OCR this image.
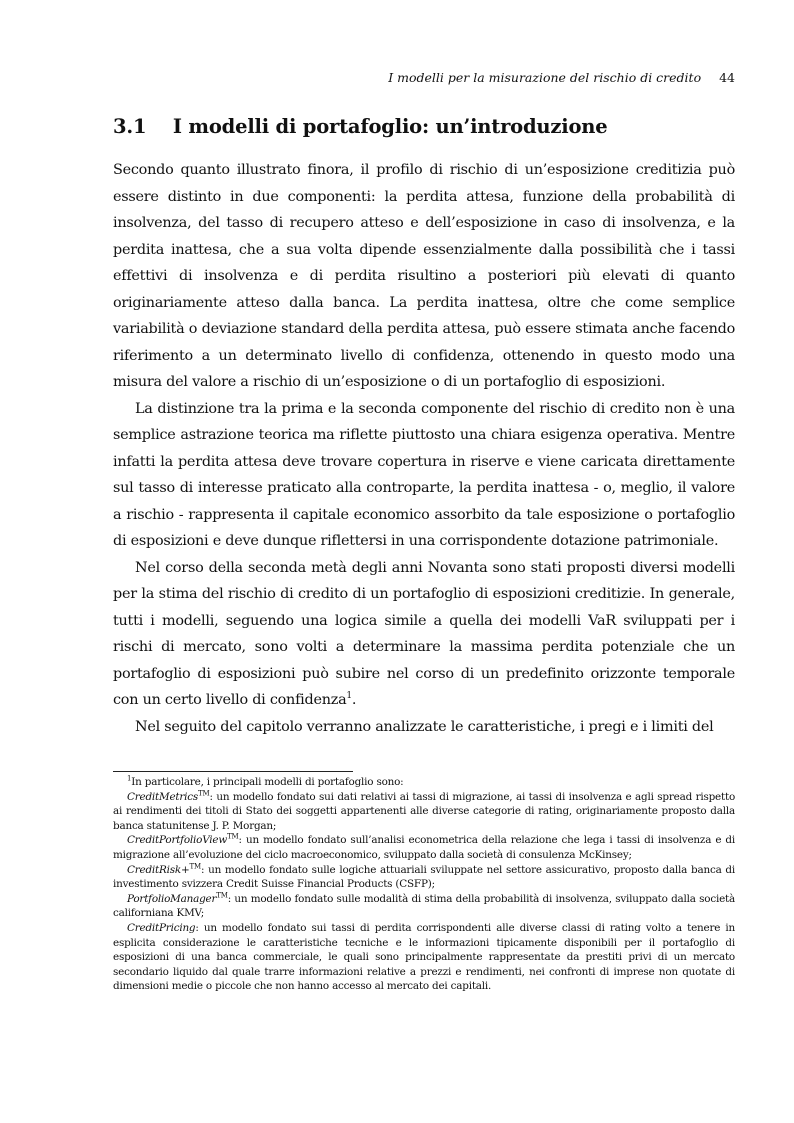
I modelli per la misurazione del rischio di credito 44
3.1 I modelli di portafoglio: un’introduzione

Secondo quanto illustrato finora, il profilo di rischio di un’esposizione creditizia può essere distinto in due componenti: la perdita attesa, funzione della probabilità di insolvenza, del tasso di recupero atteso e dell’esposizione in caso di insolvenza, e la perdita inattesa, che a sua volta dipende essenzialmente dalla possibilità che i tassi effettivi di insolvenza e di perdita risultino a posteriori più elevati di quanto originariamente atteso dalla banca. La perdita inattesa, oltre che come semplice variabilità o deviazione standard della perdita attesa, può essere stimata anche facendo riferimento a un determinato livello di confidenza, ottenendo in questo modo una misura del valore a rischio di un’esposizione o di un portafoglio di esposizioni.

La distinzione tra la prima e la seconda componente del rischio di credito non è una semplice astrazione teorica ma riflette piuttosto una chiara esigenza operativa. Mentre infatti la perdita attesa deve trovare copertura in riserve e viene caricata direttamente sul tasso di interesse praticato alla controparte, la perdita inattesa - o, meglio, il valore a rischio - rappresenta il capitale economico assorbito da tale esposizione o portafoglio di esposizioni e deve dunque riflettersi in una corrispondente dotazione patrimoniale.

Nel corso della seconda metà degli anni Novanta sono stati proposti diversi modelli per la stima del rischio di credito di un portafoglio di esposizioni creditizie. In generale, tutti i modelli, seguendo una logica simile a quella dei modelli VaR sviluppati per i rischi di mercato, sono volti a determinare la massima perdita potenziale che un portafoglio di esposizioni può subire nel corso di un predefinito orizzonte temporale con un certo livello di confidenza$^1$.

Nel seguito del capitolo verranno analizzate le caratteristiche, i pregi e i limiti del

$^1$In particolare, i principali modelli di portafoglio sono:

CreditMetrics™: un modello fondato sui dati relativi ai tassi di migrazione, ai tassi di insolvenza e agli spread rispetto ai rendimenti dei titoli di Stato dei soggetti appartenenti alle diverse categorie di rating, originariamente proposto dalla banca statunitense J. P. Morgan;

CreditPortfolioView™: un modello fondato sull’analisi econometrica della relazione che lega i tassi di insolvenza e di migrazione all’evoluzione del ciclo macroeconomico, sviluppato dalla società di consulenza McKinsey;

CreditRisk+™: un modello fondato sulle logiche attuariali sviluppate nel settore assicurativo, proposto dalla banca di investimento svizzera Credit Suisse Financial Products (CSFP);

PortfolioManager™: un modello fondato sulle modalità di stima della probabilità di insolvenza, sviluppato dalla società californiana KMV;

CreditPricing: un modello fondato sui tassi di perdita corrispondenti alle diverse classi di rating volto a tenere in esplicita considerazione le caratteristiche tecniche e le informazioni tipicamente disponibili per il portafoglio di esposizioni di una banca commerciale, le quali sono principalmente rappresentate da prestiti privi di un mercato secondario liquido dal quale trarre informazioni relative a prezzi e rendimenti, nei confronti di imprese non quotate di dimensioni medie o piccole che non hanno accesso al mercato dei capitali.
